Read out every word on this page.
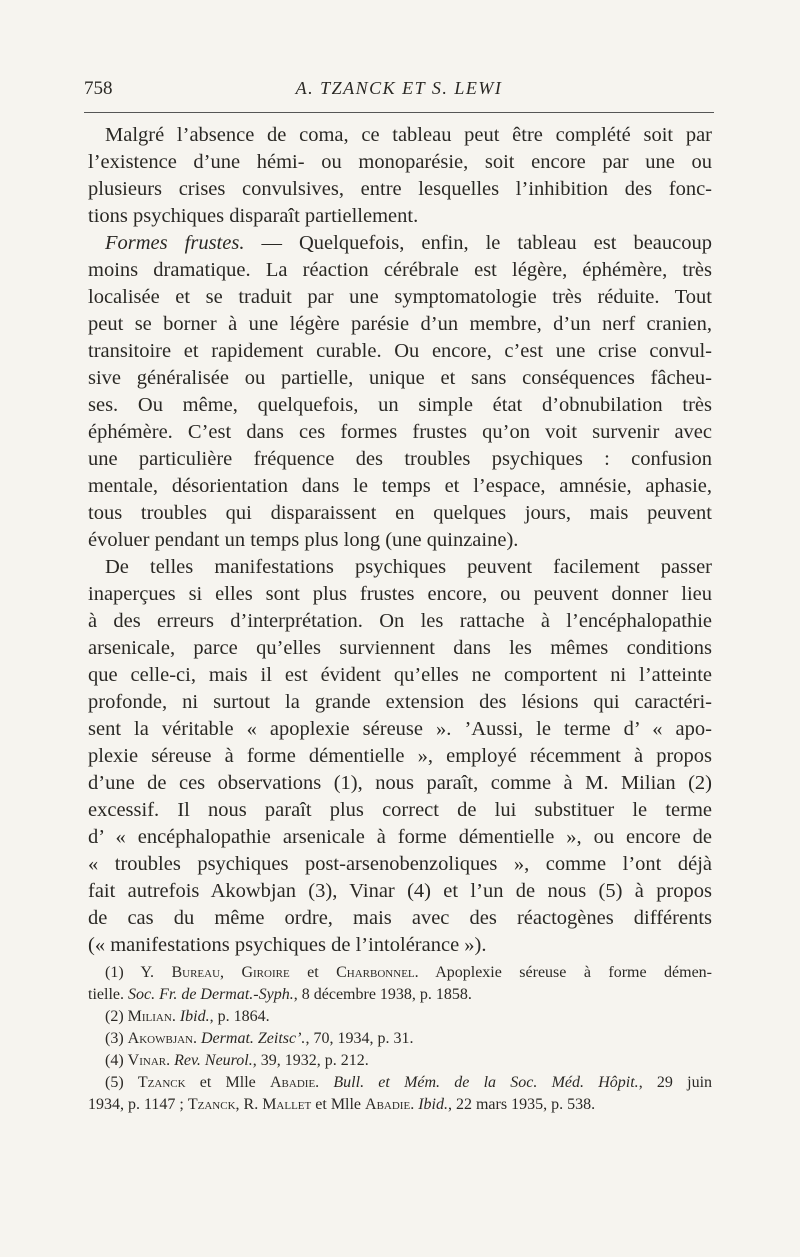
758	A. TZANCK ET S. LEWI
Malgré l’absence de coma, ce tableau peut être complété soit par
l’existence d’une hémi- ou monoparésie, soit encore par une ou
plusieurs crises convulsives, entre lesquelles l’inhibition des fonc-
tions psychiques disparaît partiellement.
Formes frustes. — Quelquefois, enfin, le tableau est beaucoup
moins dramatique. La réaction cérébrale est légère, éphémère, très
localisée et se traduit par une symptomatologie très réduite. Tout
peut se borner à une légère parésie d’un membre, d’un nerf cranien,
transitoire et rapidement curable. Ou encore, c’est une crise convul-
sive généralisée ou partielle, unique et sans conséquences fâcheu-
ses. Ou même, quelquefois, un simple état d’obnubilation très
éphémère. C’est dans ces formes frustes qu’on voit survenir avec
une particulière fréquence des troubles psychiques : confusion
mentale, désorientation dans le temps et l’espace, amnésie, aphasie,
tous troubles qui disparaissent en quelques jours, mais peuvent
évoluer pendant un temps plus long (une quinzaine).
De telles manifestations psychiques peuvent facilement passer
inaperçues si elles sont plus frustes encore, ou peuvent donner lieu
à des erreurs d’interprétation. On les rattache à l’encéphalopathie
arsenicale, parce qu’elles surviennent dans les mêmes conditions
que celle-ci, mais il est évident qu’elles ne comportent ni l’atteinte
profonde, ni surtout la grande extension des lésions qui caractéri-
sent la véritable « apoplexie séreuse ». ’Aussi, le terme d’ « apo-
plexie séreuse à forme démentielle », employé récemment à propos
d’une de ces observations (1), nous paraît, comme à M. Milian (2)
excessif. Il nous paraît plus correct de lui substituer le terme
d’ « encéphalopathie arsenicale à forme démentielle », ou encore de
« troubles psychiques post-arsenobenzoliques », comme l’ont déjà
fait autrefois Akowbjan (3), Vinar (4) et l’un de nous (5) à propos
de cas du même ordre, mais avec des réactogènes différents
(« manifestations psychiques de l’intolérance »).
(1) Y. Bureau, Giroire et Charbonnel. Apoplexie séreuse à forme démen-
tielle. Soc. Fr. de Dermat.-Syph., 8 décembre 1938, p. 1858.
(2) Milian. Ibid., p. 1864.
(3) Akowbjan. Dermat. Zeitsc’., 70, 1934, p. 31.
(4) Vinar. Rev. Neurol., 39, 1932, p. 212.
(5) Tzanck et Mlle Abadie. Bull. et Mém. de la Soc. Méd. Hôpit., 29 juin
1934, p. 1147 ; Tzanck, R. Mallet et Mlle Abadie. Ibid., 22 mars 1935, p. 538.
